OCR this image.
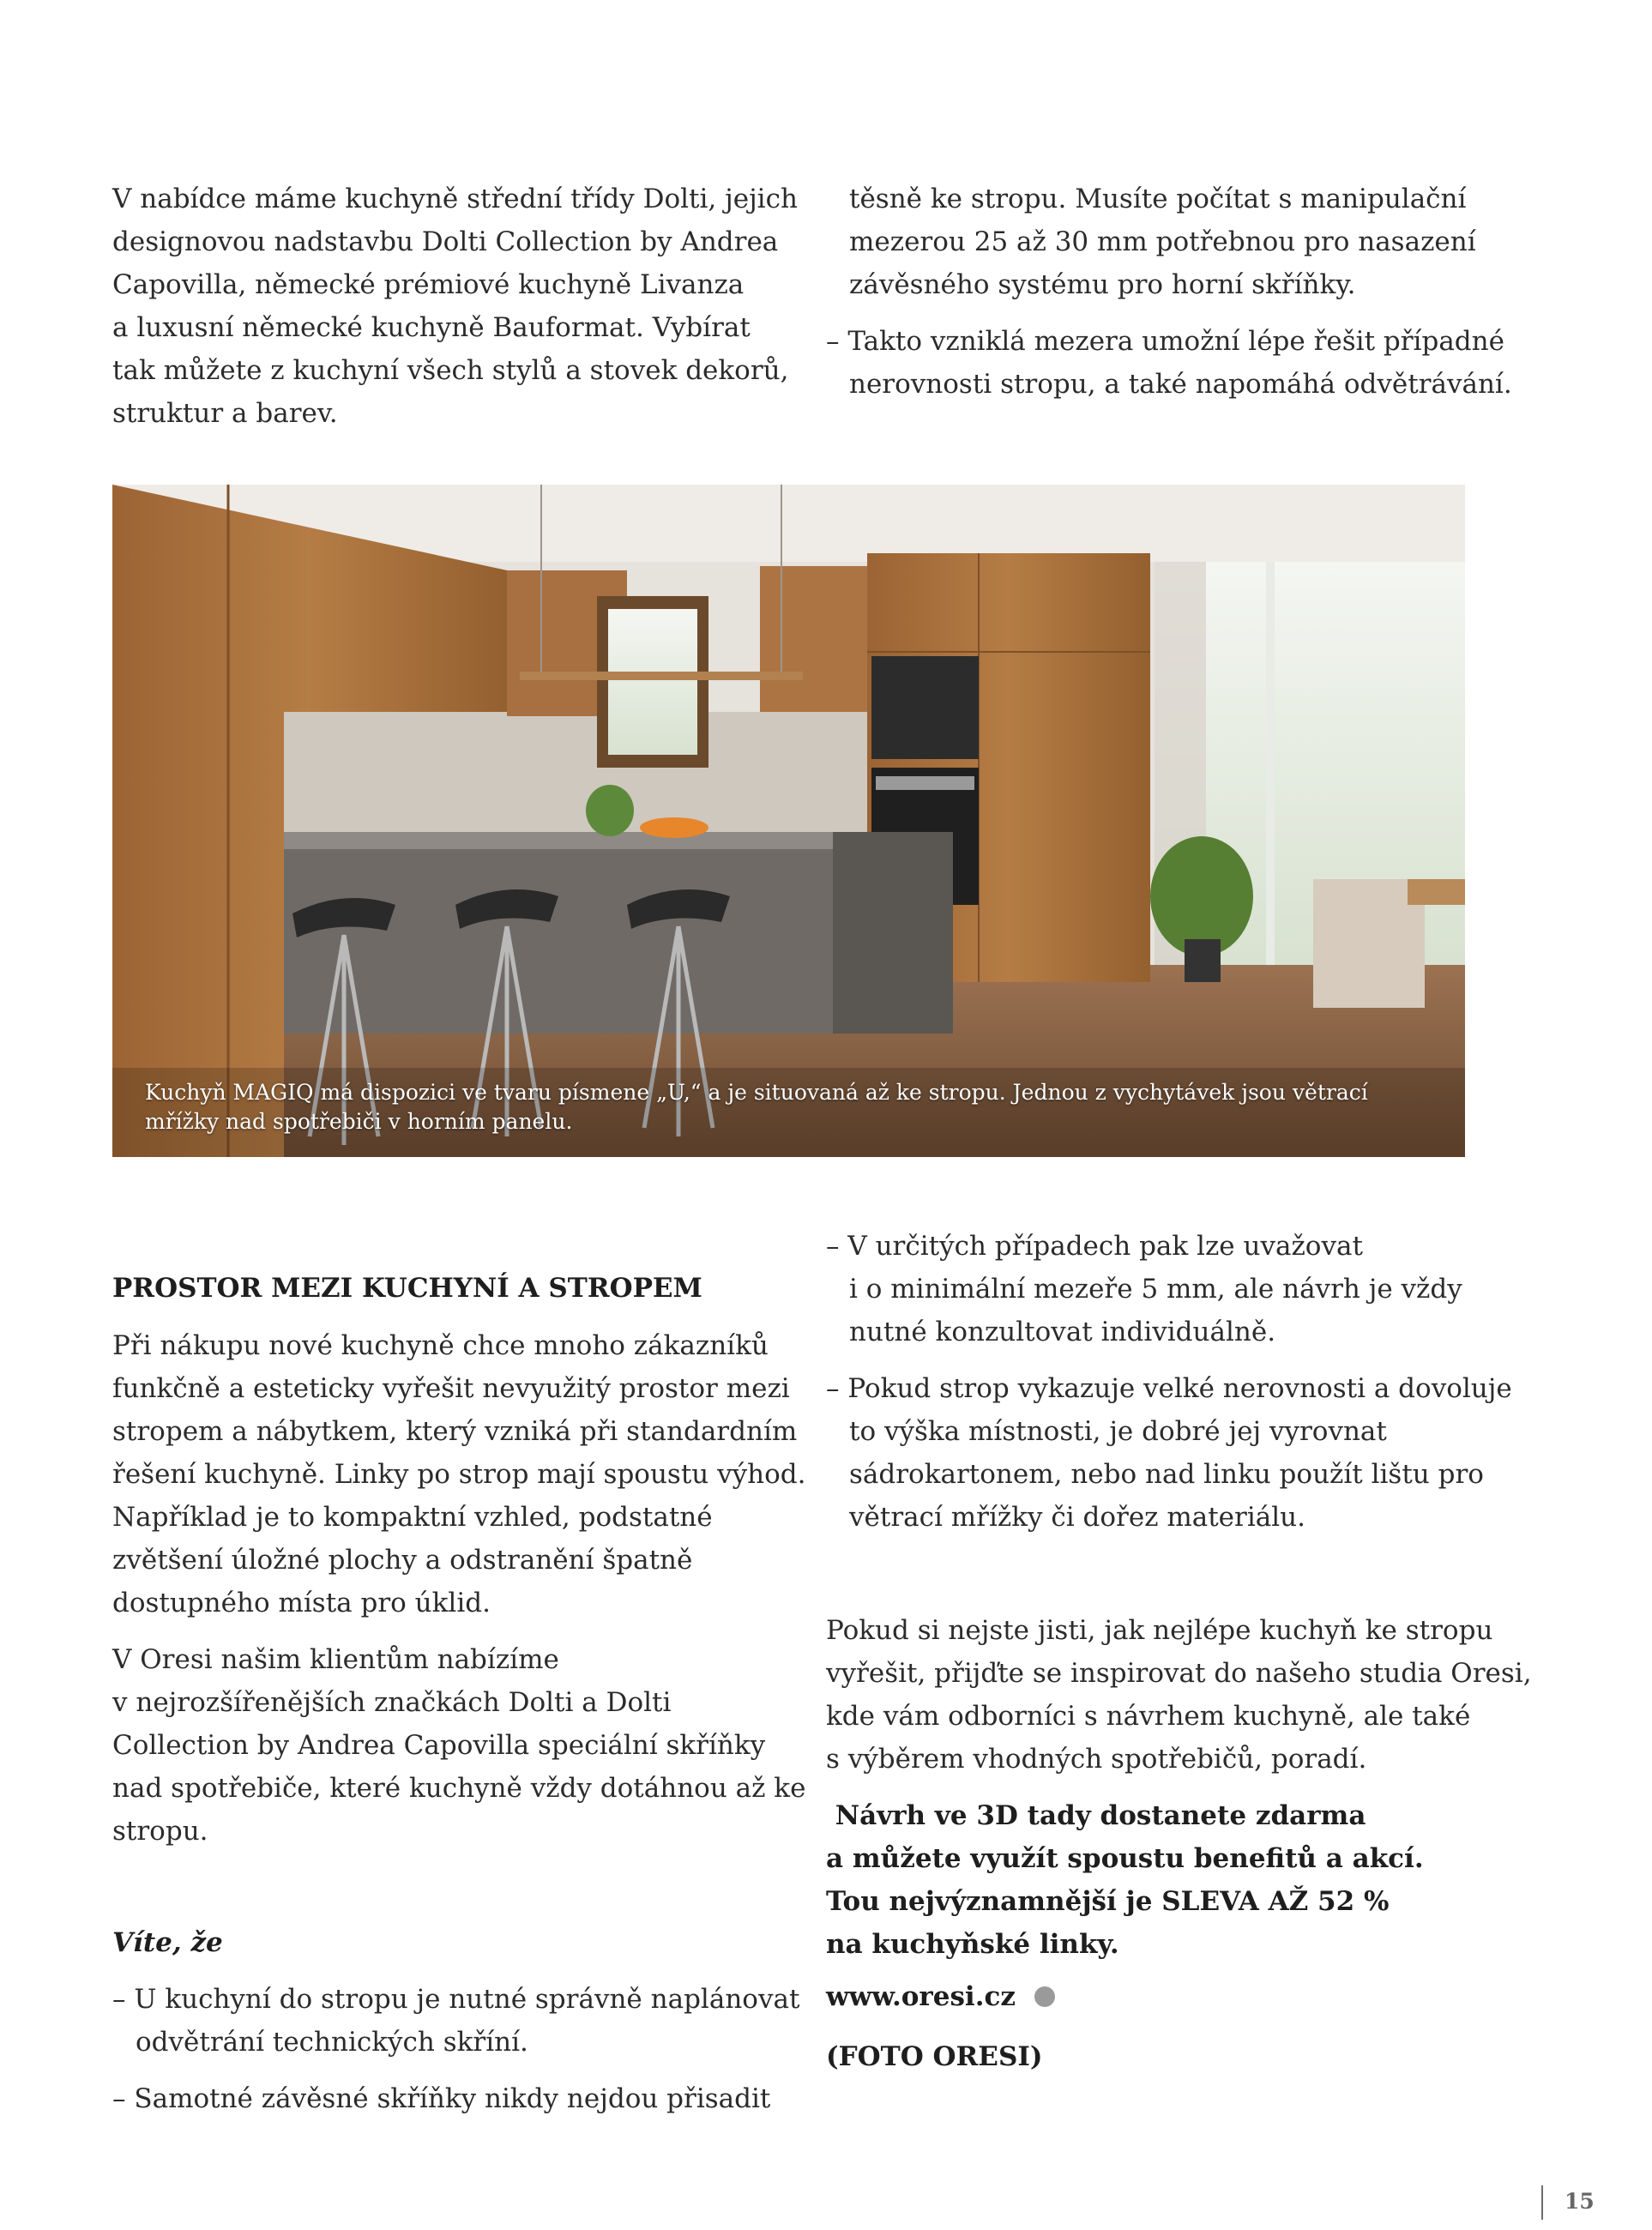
V nabídce máme kuchyně střední třídy Dolti, jejich
designovou nadstavbu Dolti Collection by Andrea
Capovilla, německé prémiové kuchyně Livanza
a luxusní německé kuchyně Bauformat. Vybírat
tak můžete z kuchyní všech stylů a stovek dekorů,
struktur a barev.

těsně ke stropu. Musíte počítat s manipulační
mezerou 25 až 30 mm potřebnou pro nasazení
závěsného systému pro horní skříňky.

– Takto vzniklá mezera umožní lépe řešit případné
nerovnosti stropu, a také napomáhá odvětrávání.

Kuchyň MAGIQ má dispozici ve tvaru písmene „U,“ a je situovaná až ke stropu. Jednou z vychytávek jsou větrací
mřížky nad spotřebiči v horním panelu.
PROSTOR MEZI KUCHYNÍ A STROPEM

Při nákupu nové kuchyně chce mnoho zákazníků
funkčně a esteticky vyřešit nevyužitý prostor mezi
stropem a nábytkem, který vzniká při standardním
řešení kuchyně. Linky po strop mají spoustu výhod.
Například je to kompaktní vzhled, podstatné
zvětšení úložné plochy a odstranění špatně
dostupného místa pro úklid.

V Oresi našim klientům nabízíme
v nejrozšířenějších značkách Dolti a Dolti
Collection by Andrea Capovilla speciální skříňky
nad spotřebiče, které kuchyně vždy dotáhnou až ke
stropu.

Víte, že

– U kuchyní do stropu je nutné správně naplánovat
odvětrání technických skříní.

– Samotné závěsné skříňky nikdy nejdou přisadit

– V určitých případech pak lze uvažovat
i o minimální mezeře 5 mm, ale návrh je vždy
nutné konzultovat individuálně.

– Pokud strop vykazuje velké nerovnosti a dovoluje
to výška místnosti, je dobré jej vyrovnat
sádrokartonem, nebo nad linku použít lištu pro
větrací mřížky či dořez materiálu.

Pokud si nejste jisti, jak nejlépe kuchyň ke stropu
vyřešit, přijďte se inspirovat do našeho studia Oresi,
kde vám odborníci s návrhem kuchyně, ale také
s výběrem vhodných spotřebičů, poradí.

Návrh ve 3D tady dostanete zdarma
a můžete využít spoustu benefitů a akcí.
Tou nejvýznamnější je SLEVA AŽ 52 %
na kuchyňské linky.

www.oresi.cz

(FOTO ORESI)

15
